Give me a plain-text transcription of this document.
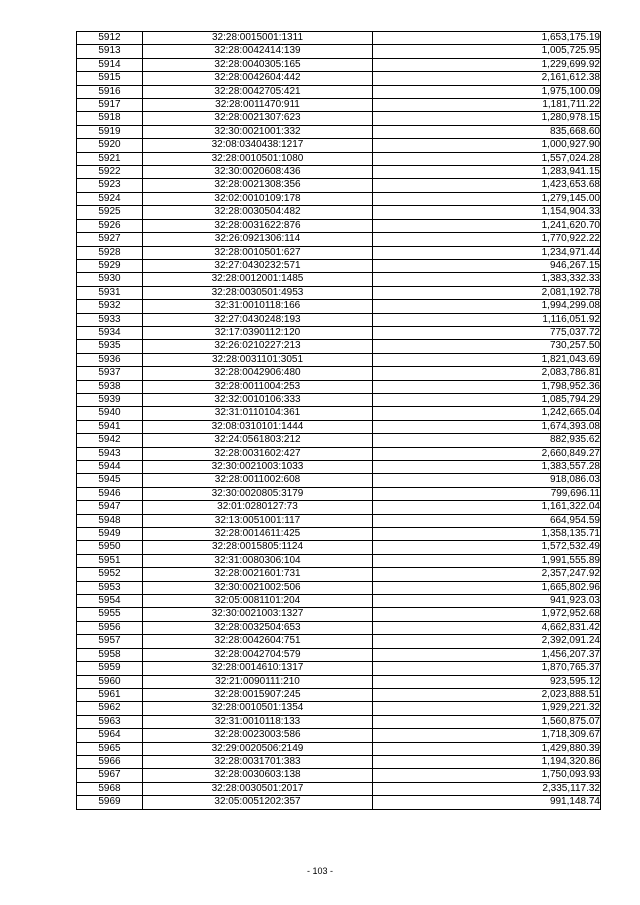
5912	32:28:0015001:1311	1,653,175.19
5913	32:28:0042414:139	1,005,725.95
5914	32:28:0040305:165	1,229,699.92
5915	32:28:0042604:442	2,161,612.38
5916	32:28:0042705:421	1,975,100.09
5917	32:28:0011470:911	1,181,711.22
5918	32:28:0021307:623	1,280,978.15
5919	32:30:0021001:332	835,668.60
5920	32:08:0340438:1217	1,000,927.90
5921	32:28:0010501:1080	1,557,024.28
5922	32:30:0020608:436	1,283,941.15
5923	32:28:0021308:356	1,423,653.68
5924	32:02:0010109:178	1,279,145.00
5925	32:28:0030504:482	1,154,904.33
5926	32:28:0031622:876	1,241,620.70
5927	32:26:0921306:114	1,770,922.22
5928	32:28:0010501:627	1,234,971.44
5929	32:27:0430232:571	946,267.15
5930	32:28:0012001:1485	1,383,332.33
5931	32:28:0030501:4953	2,081,192.78
5932	32:31:0010118:166	1,994,299.08
5933	32:27:0430248:193	1,116,051.92
5934	32:17:0390112:120	775,037.72
5935	32:26:0210227:213	730,257.50
5936	32:28:0031101:3051	1,821,043.69
5937	32:28:0042906:480	2,083,786.81
5938	32:28:0011004:253	1,798,952.36
5939	32:32:0010106:333	1,085,794.29
5940	32:31:0110104:361	1,242,665.04
5941	32:08:0310101:1444	1,674,393.08
5942	32:24:0561803:212	882,935.62
5943	32:28:0031602:427	2,660,849.27
5944	32:30:0021003:1033	1,383,557.28
5945	32:28:0011002:608	918,086.03
5946	32:30:0020805:3179	799,696.11
5947	32:01:0280127:73	1,161,322.04
5948	32:13:0051001:117	664,954.59
5949	32:28:0014611:425	1,358,135.71
5950	32:28:0015805:1124	1,572,532.49
5951	32:31:0080306:104	1,991,555.89
5952	32:28:0021601:731	2,357,247.92
5953	32:30:0021002:506	1,665,802.96
5954	32:05:0081101:204	941,923.03
5955	32:30:0021003:1327	1,972,952.68
5956	32:28:0032504:653	4,662,831.42
5957	32:28:0042604:751	2,392,091.24
5958	32:28:0042704:579	1,456,207.37
5959	32:28:0014610:1317	1,870,765.37
5960	32:21:0090111:210	923,595.12
5961	32:28:0015907:245	2,023,888.51
5962	32:28:0010501:1354	1,929,221.32
5963	32:31:0010118:133	1,560,875.07
5964	32:28:0023003:586	1,718,309.67
5965	32:29:0020506:2149	1,429,880.39
5966	32:28:0031701:383	1,194,320.86
5967	32:28:0030603:138	1,750,093.93
5968	32:28:0030501:2017	2,335,117.32
5969	32:05:0051202:357	991,148.74
- 103 -
